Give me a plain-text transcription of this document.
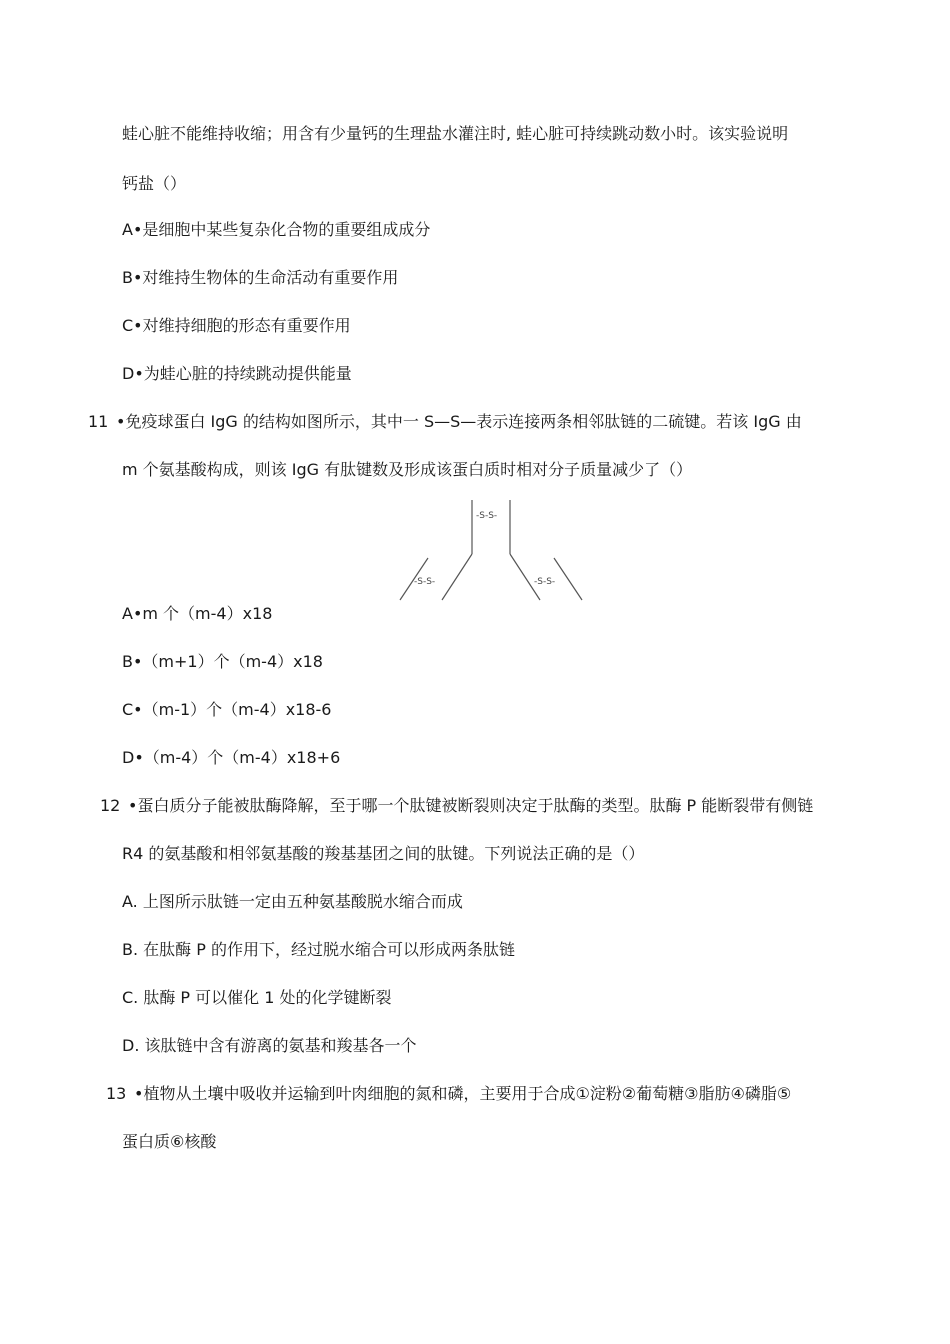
蛙心脏不能维持收缩；用含有少量钙的生理盐水灌注时, 蛙心脏可持续跳动数小时。该实验说明
钙盐（）
A•是细胞中某些复杂化合物的重要组成成分
B•对维持生物体的生命活动有重要作用
C•对维持细胞的形态有重要作用
D•为蛙心脏的持续跳动提供能量
11 •免疫球蛋白 IgG 的结构如图所示，其中一 S—S—表示连接两条相邻肽链的二硫键。若该 IgG 由
m 个氨基酸构成，则该 IgG 有肽键数及形成该蛋白质时相对分子质量减少了（）
-S-S-
-S-S-	-S-S-
A•m 个（m-4）x18
B•（m+1）个（m-4）x18
C•（m-1）个（m-4）x18-6
D•（m-4）个（m-4）x18+6
12 •蛋白质分子能被肽酶降解，至于哪一个肽键被断裂则决定于肽酶的类型。肽酶 P 能断裂带有侧链
R4 的氨基酸和相邻氨基酸的羧基基团之间的肽键。下列说法正确的是（）
A. 上图所示肽链一定由五种氨基酸脱水缩合而成
B. 在肽酶 P 的作用下，经过脱水缩合可以形成两条肽链
C. 肽酶 P 可以催化 1 处的化学键断裂
D. 该肽链中含有游离的氨基和羧基各一个
13 •植物从土壤中吸收并运输到叶肉细胞的氮和磷，主要用于合成①淀粉②葡萄糖③脂肪④磷脂⑤
蛋白质⑥核酸
